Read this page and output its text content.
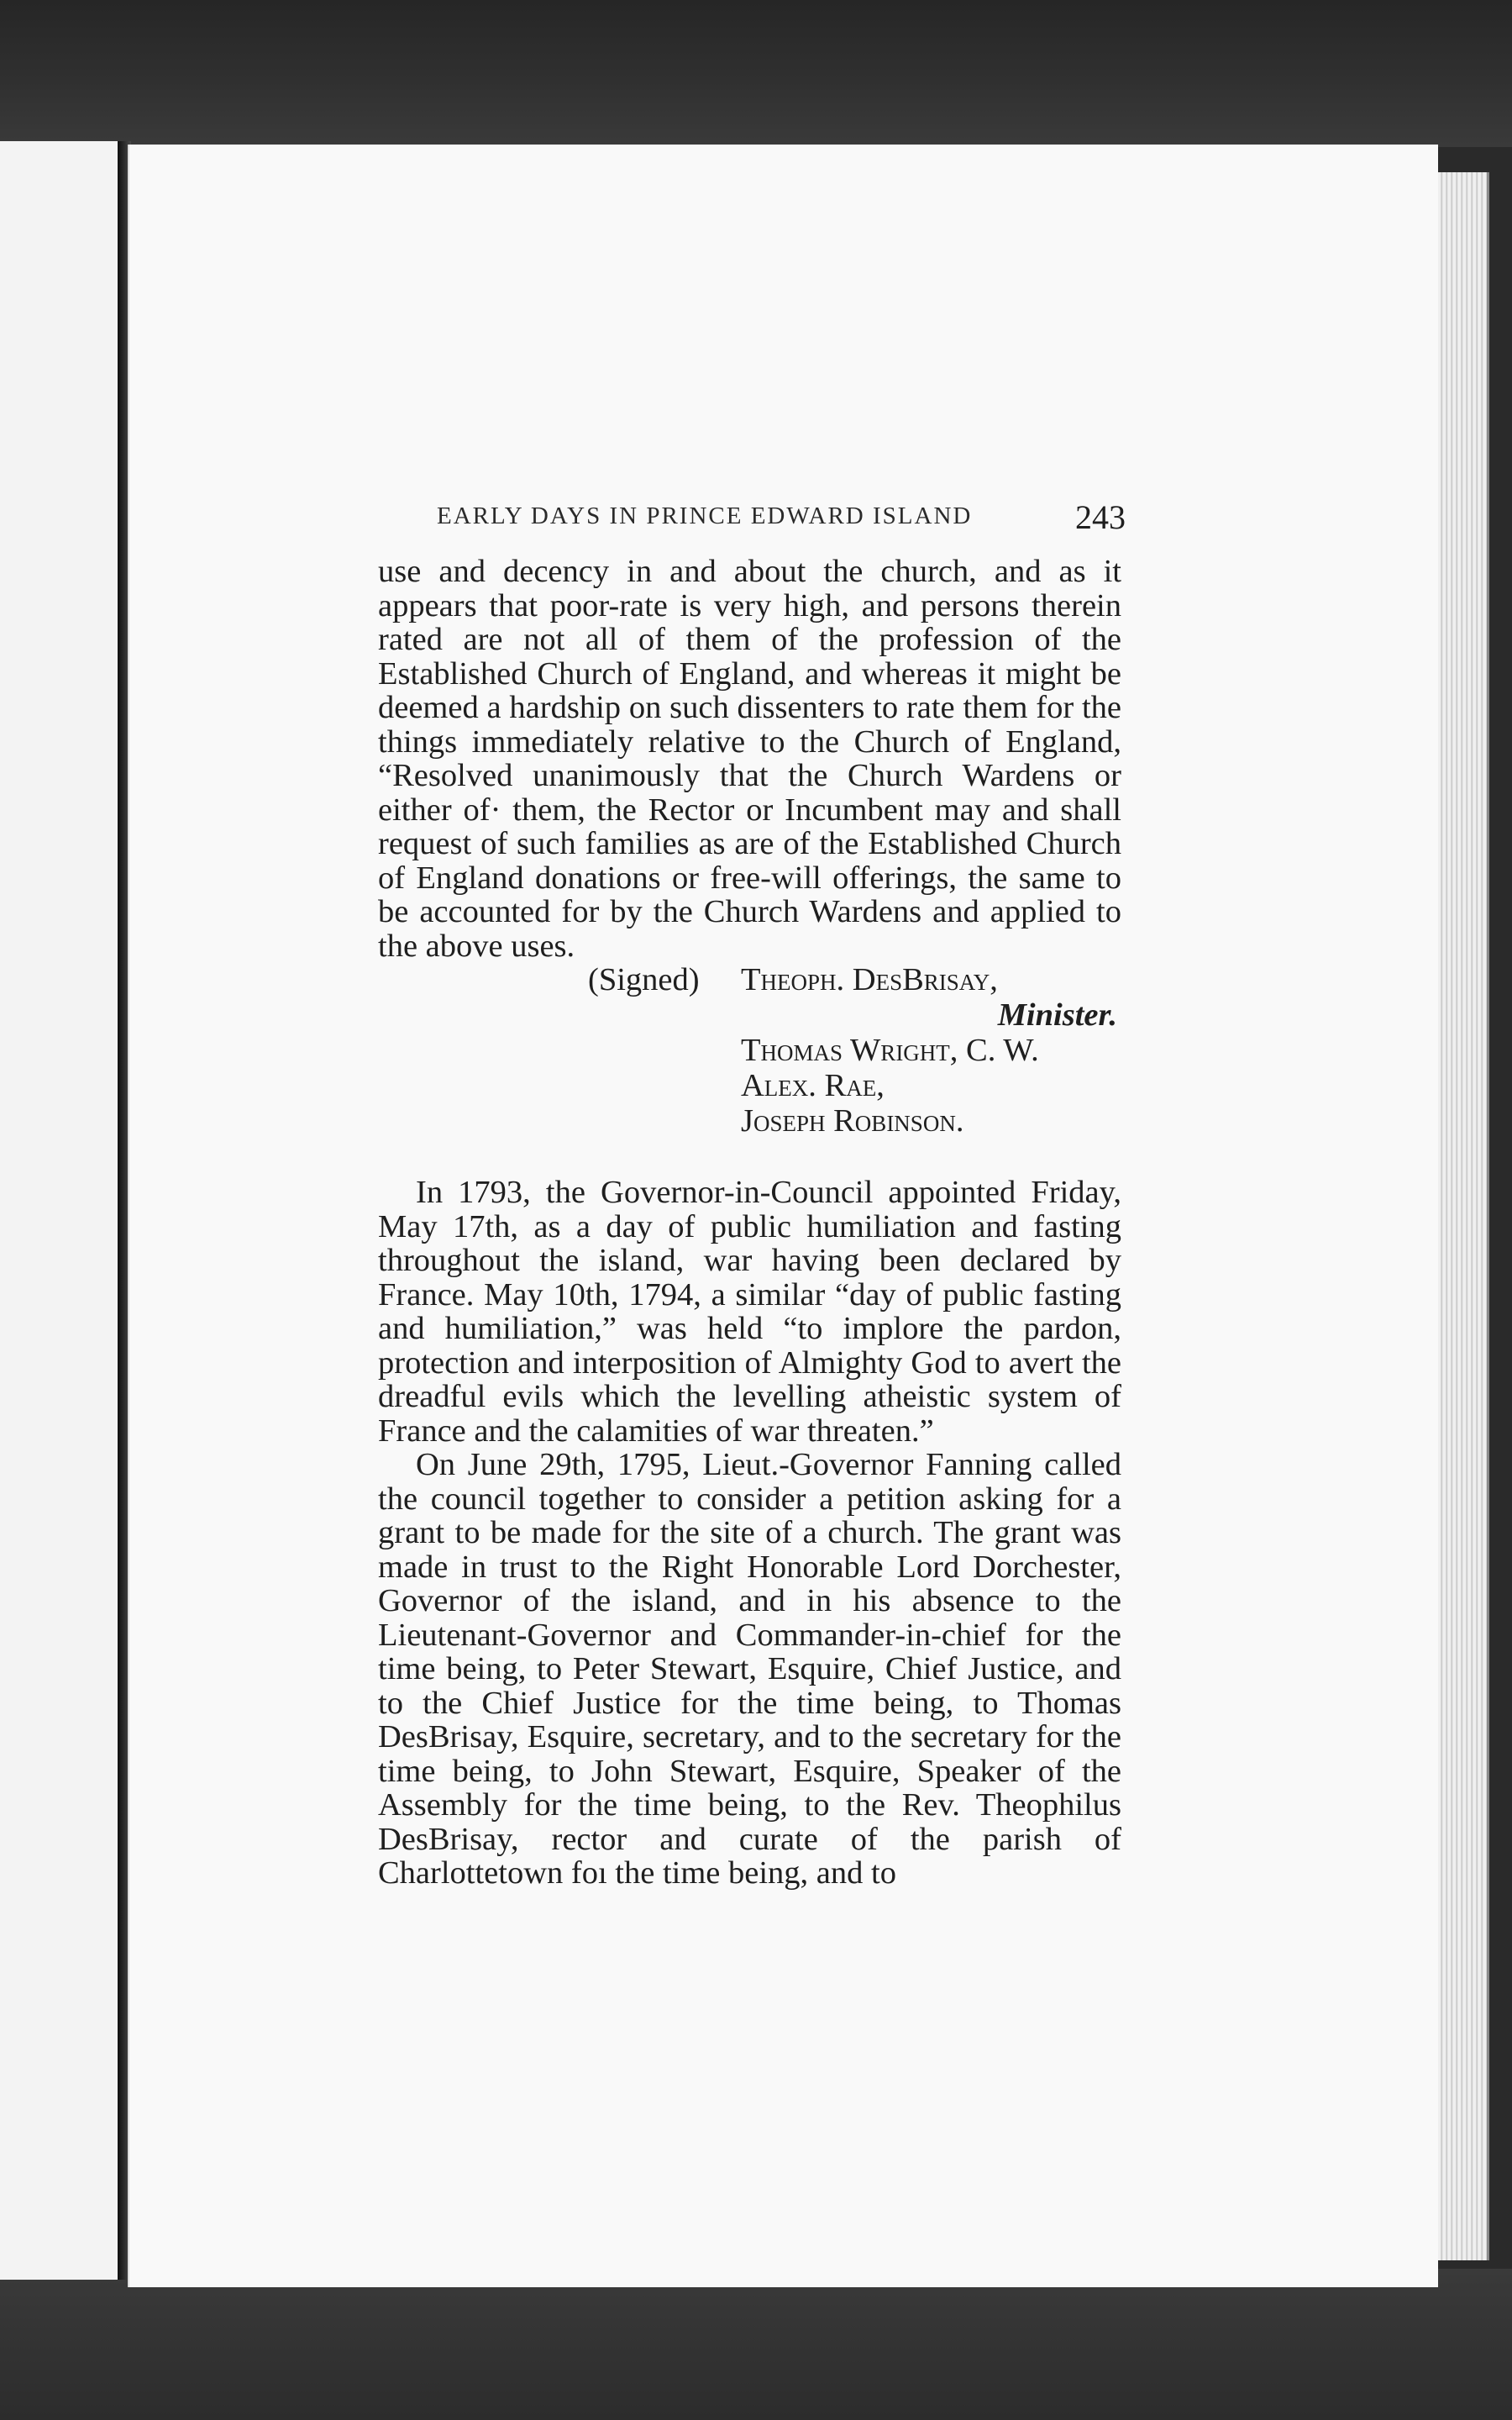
EARLY DAYS IN PRINCE EDWARD ISLAND	243

use and decency in and about the church, and as it appears that poor-rate is very high, and persons therein rated are not all of them of the profession of the Established Church of England, and whereas it might be deemed a hardship on such dissenters to rate them for the things immediately relative to the Church of England, “Resolved unanimously that the Church Wardens or either of· them, the Rector or Incumbent may and shall request of such families as are of the Established Church of England donations or free-will offerings, the same to be accounted for by the Church Wardens and applied to the above uses.

(Signed) Theoph. DesBrisay,
Minister.
Thomas Wright, C. W.
Alex. Rae,
Joseph Robinson.

In 1793, the Governor-in-Council appointed Friday, May 17th, as a day of public humiliation and fasting throughout the island, war having been declared by France. May 10th, 1794, a similar “day of public fasting and humiliation,” was held “to implore the pardon, protection and interposition of Almighty God to avert the dreadful evils which the levelling atheistic system of France and the calamities of war threaten.”

On June 29th, 1795, Lieut.-Governor Fanning called the council together to consider a petition asking for a grant to be made for the site of a church. The grant was made in trust to the Right Honorable Lord Dorchester, Governor of the island, and in his absence to the Lieutenant-Governor and Commander-in-chief for the time being, to Peter Stewart, Esquire, Chief Justice, and to the Chief Justice for the time being, to Thomas DesBrisay, Esquire, secretary, and to the secretary for the time being, to John Stewart, Esquire, Speaker of the Assembly for the time being, to the Rev. Theophilus DesBrisay, rector and curate of the parish of Charlottetown foı the time being, and to
